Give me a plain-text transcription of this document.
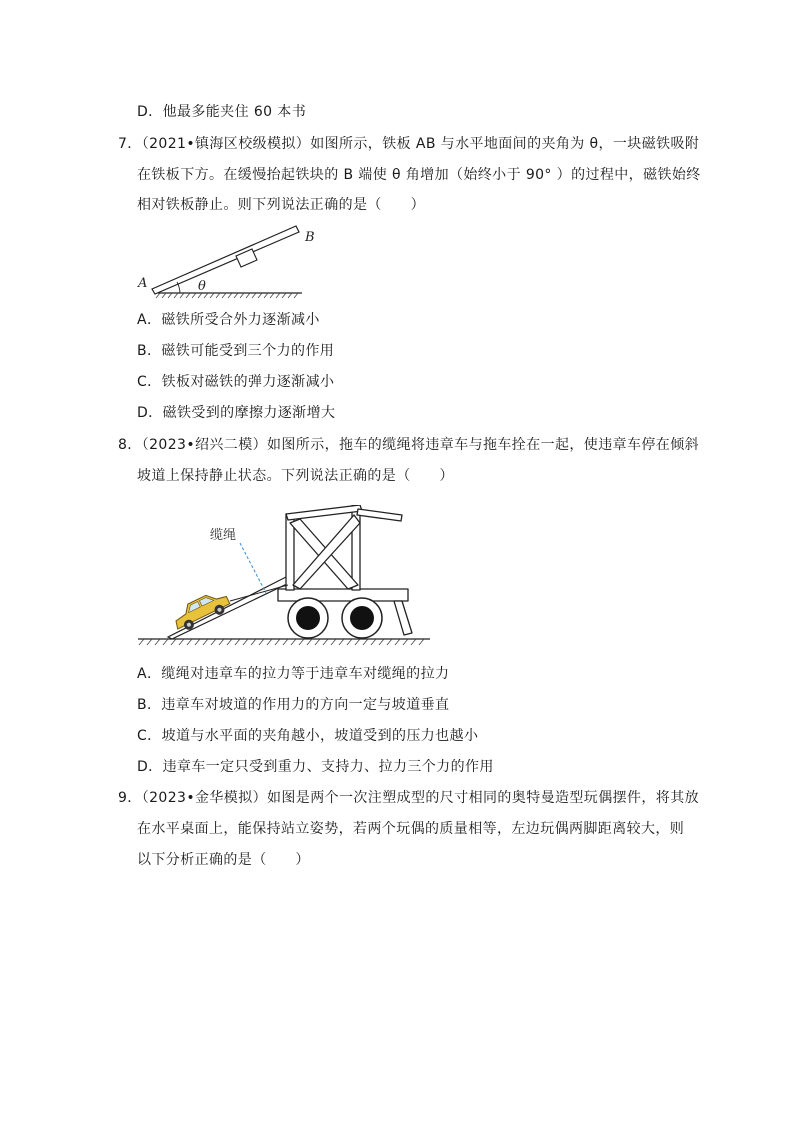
D．他最多能夹住 60 本书
7．（2021•镇海区校级模拟）如图所示，铁板 AB 与水平地面间的夹角为 θ，一块磁铁吸附
在铁板下方。在缓慢抬起铁块的 B 端使 θ 角增加（始终小于 90° ）的过程中，磁铁始终
相对铁板静止。则下列说法正确的是（　　）
A
B
θ
A．磁铁所受合外力逐渐减小
B．磁铁可能受到三个力的作用
C．铁板对磁铁的弹力逐渐减小
D．磁铁受到的摩擦力逐渐增大
8．（2023•绍兴二模）如图所示，拖车的缆绳将违章车与拖车拴在一起，使违章车停在倾斜
坡道上保持静止状态。下列说法正确的是（　　）
缆绳
A．缆绳对违章车的拉力等于违章车对缆绳的拉力
B．违章车对坡道的作用力的方向一定与坡道垂直
C．坡道与水平面的夹角越小，坡道受到的压力也越小
D．违章车一定只受到重力、支持力、拉力三个力的作用
9．（2023•金华模拟）如图是两个一次注塑成型的尺寸相同的奥特曼造型玩偶摆件，将其放
在水平桌面上，能保持站立姿势，若两个玩偶的质量相等，左边玩偶两脚距离较大，则
以下分析正确的是（　　）
